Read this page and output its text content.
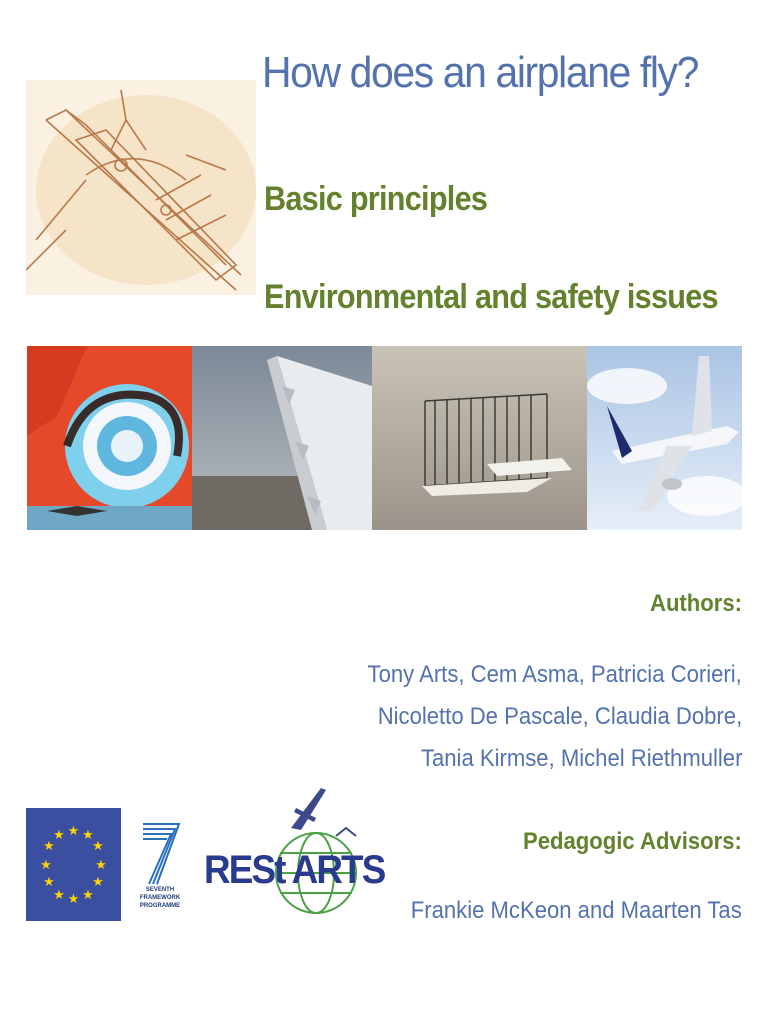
How does an airplane fly?
Basic principles
Environmental and safety issues
Authors:
Tony Arts, Cem Asma, Patricia Corieri,
Nicoletto De Pascale, Claudia Dobre,
Tania Kirmse, Michel Riethmuller
Pedagogic Advisors:
Frankie McKeon and Maarten Tas
★ ★
★
★
★
★
★
★
★
★
★
★
SEVENTH FRAMEWORK
PROGRAMME
RESt ARTS
